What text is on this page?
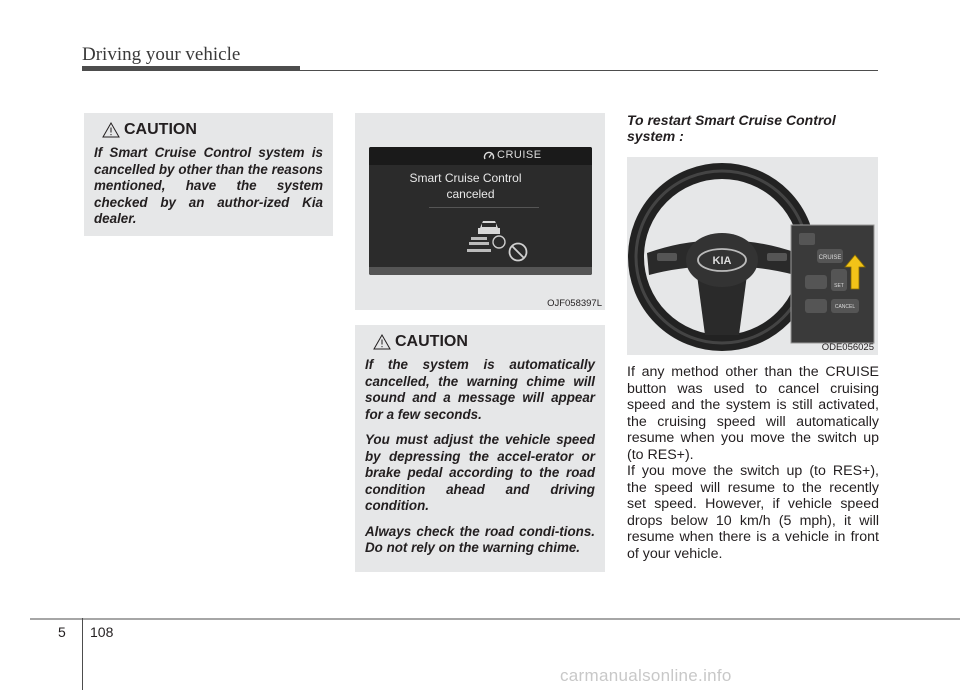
Driving your vehicle
CAUTION

If Smart Cruise Control system is cancelled by other than the reasons mentioned, have the system checked by an author-ized Kia dealer.

CRUISE
Smart Cruise Control
canceled
OJF058397L
CAUTION

If the system is automatically cancelled, the warning chime will sound and a message will appear for a few seconds.

You must adjust the vehicle speed by depressing the accel-erator or brake pedal according to the road condition ahead and driving condition.

Always check the road condi-tions. Do not rely on the warning chime.

To restart Smart Cruise Control system :
KIA	CRUISE
SET
CANCEL
ODE056025

If any method other than the CRUISE button was used to cancel cruising speed and the system is still activated, the cruising speed will automatically resume when you move the switch up (to RES+).

If you move the switch up (to RES+), the speed will resume to the recently set speed. However, if vehicle speed drops below 10 km/h (5 mph), it will resume when there is a vehicle in front of your vehicle.

5 108
carmanualsonline.info
